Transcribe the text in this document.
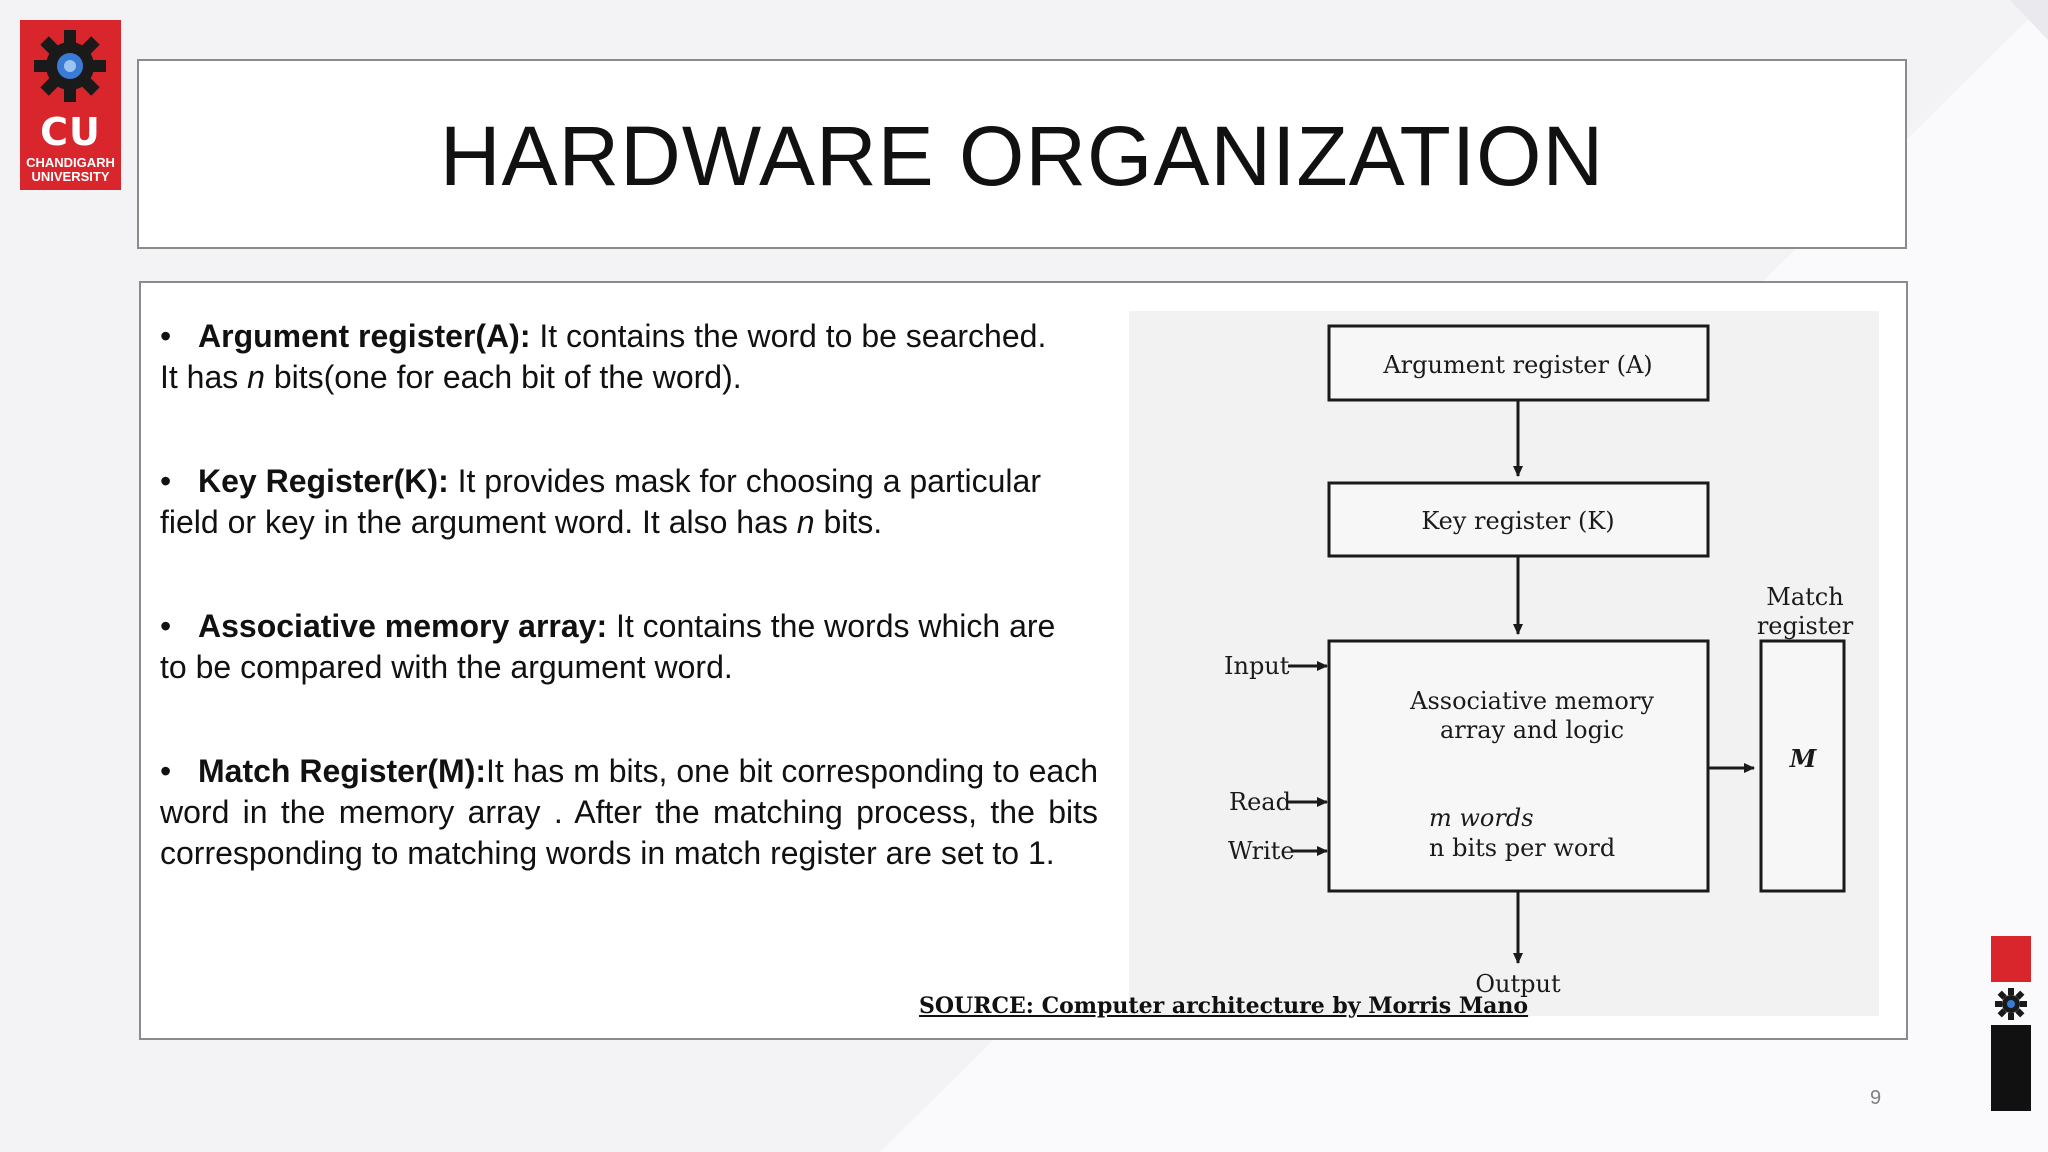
CU
CHANDIGARH
UNIVERSITY	HARDWARE ORGANIZATION
• Argument register(A): It contains the word to be searched.
It has n bits(one for each bit of the word).
• Key Register(K): It provides mask for choosing a particular
field or key in the argument word. It also has n bits.
• Associative memory array: It contains the words which are
to be compared with the argument word.
• Match Register(M):It has m bits, one bit corresponding to each word in the memory array . After the matching process, the bits corresponding to matching words in match register are set to 1.
Argument register (A)
Key register (K)
Associative memory
array and logic
m words
n bits per word
Input
Read
Write
Match
register
M
Output
SOURCE: Computer architecture by Morris Mano
9
